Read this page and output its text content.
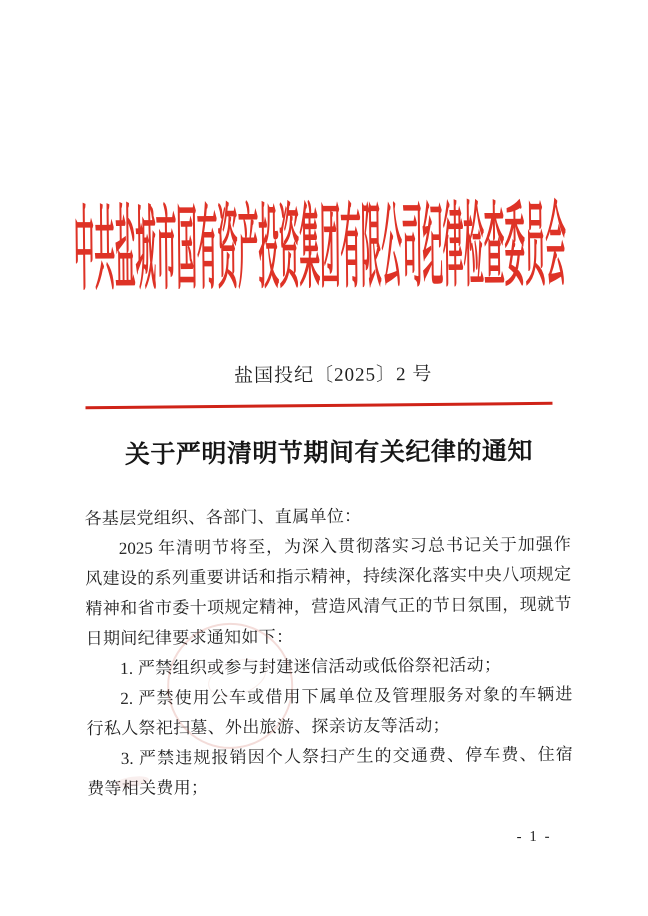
中共盐城市国有资产投资集团有限公司纪律检查委员会
盐国投纪〔2025〕2 号
关于严明清明节期间有关纪律的通知
各基层党组织、各部门、直属单位：
2025 年清明节将至，为深入贯彻落实习总书记关于加强作
风建设的系列重要讲话和指示精神，持续深化落实中央八项规定
精神和省市委十项规定精神，营造风清气正的节日氛围，现就节
日期间纪律要求通知如下：
1. 严禁组织或参与封建迷信活动或低俗祭祀活动；
2. 严禁使用公车或借用下属单位及管理服务对象的车辆进
行私人祭祀扫墓、外出旅游、探亲访友等活动；
3. 严禁违规报销因个人祭扫产生的交通费、停车费、住宿
费等相关费用；
- 1 -
